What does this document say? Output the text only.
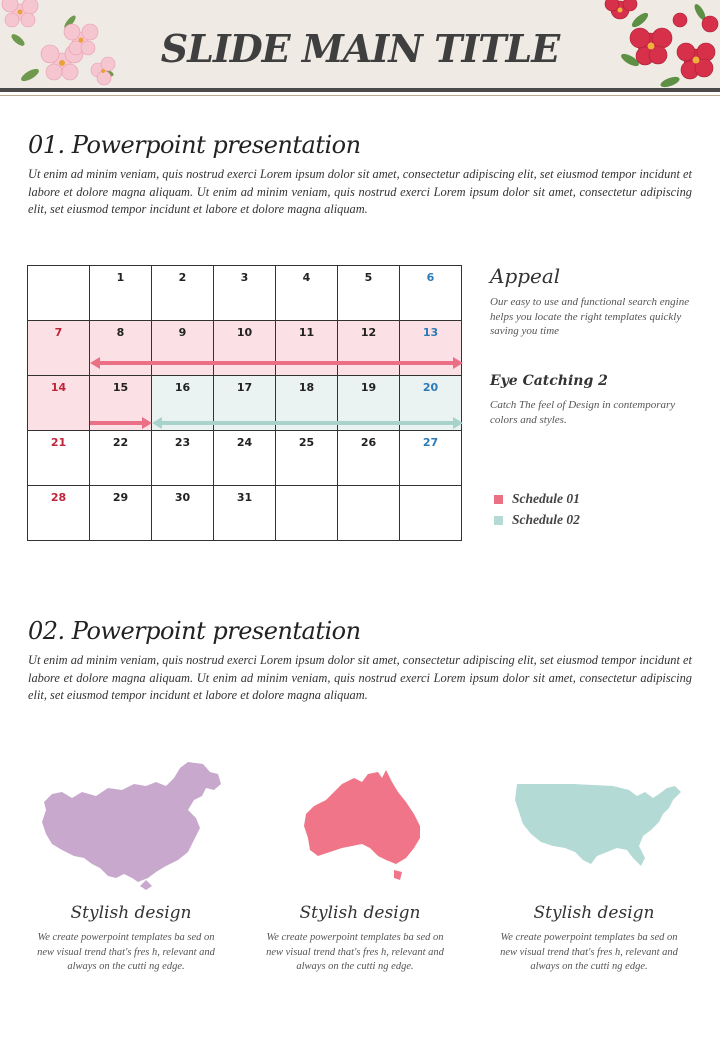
SLIDE MAIN TITLE
01. Powerpoint presentation
Ut enim ad minim veniam, quis nostrud exerci Lorem ipsum dolor sit amet, consectetur adipiscing elit, set eiusmod tempor incidunt et labore et dolore magna aliquam. Ut enim ad minim veniam, quis nostrud exerci Lorem ipsum dolor sit amet, consectetur adipiscing elit, set eiusmod tempor incidunt et labore et dolore magna aliquam.

	1	2	3	4	5	6

7	8	9	10	11	12	13

14	15	16	17	18	19	20

21	22	23	24	25	26	27

28	29	30	31			

Appeal
Our easy to use and functional search engine helps you locate the right templates quickly saving you time
Eye Catching 2
Catch The feel of Design in contemporary colors and styles.
Schedule 01
Schedule 02
02. Powerpoint presentation
Ut enim ad minim veniam, quis nostrud exerci Lorem ipsum dolor sit amet, consectetur adipiscing elit, set eiusmod tempor incidunt et labore et dolore magna aliquam. Ut enim ad minim veniam, quis nostrud exerci Lorem ipsum dolor sit amet, consectetur adipiscing elit, set eiusmod tempor incidunt et labore et dolore magna aliquam.
Stylish design
We create powerpoint templates ba sed on new visual trend that's fres h, relevant and always on the cutti ng edge.
Stylish design
We create powerpoint templates ba sed on new visual trend that's fres h, relevant and always on the cutti ng edge.
Stylish design
We create powerpoint templates ba sed on new visual trend that's fres h, relevant and always on the cutti ng edge.
